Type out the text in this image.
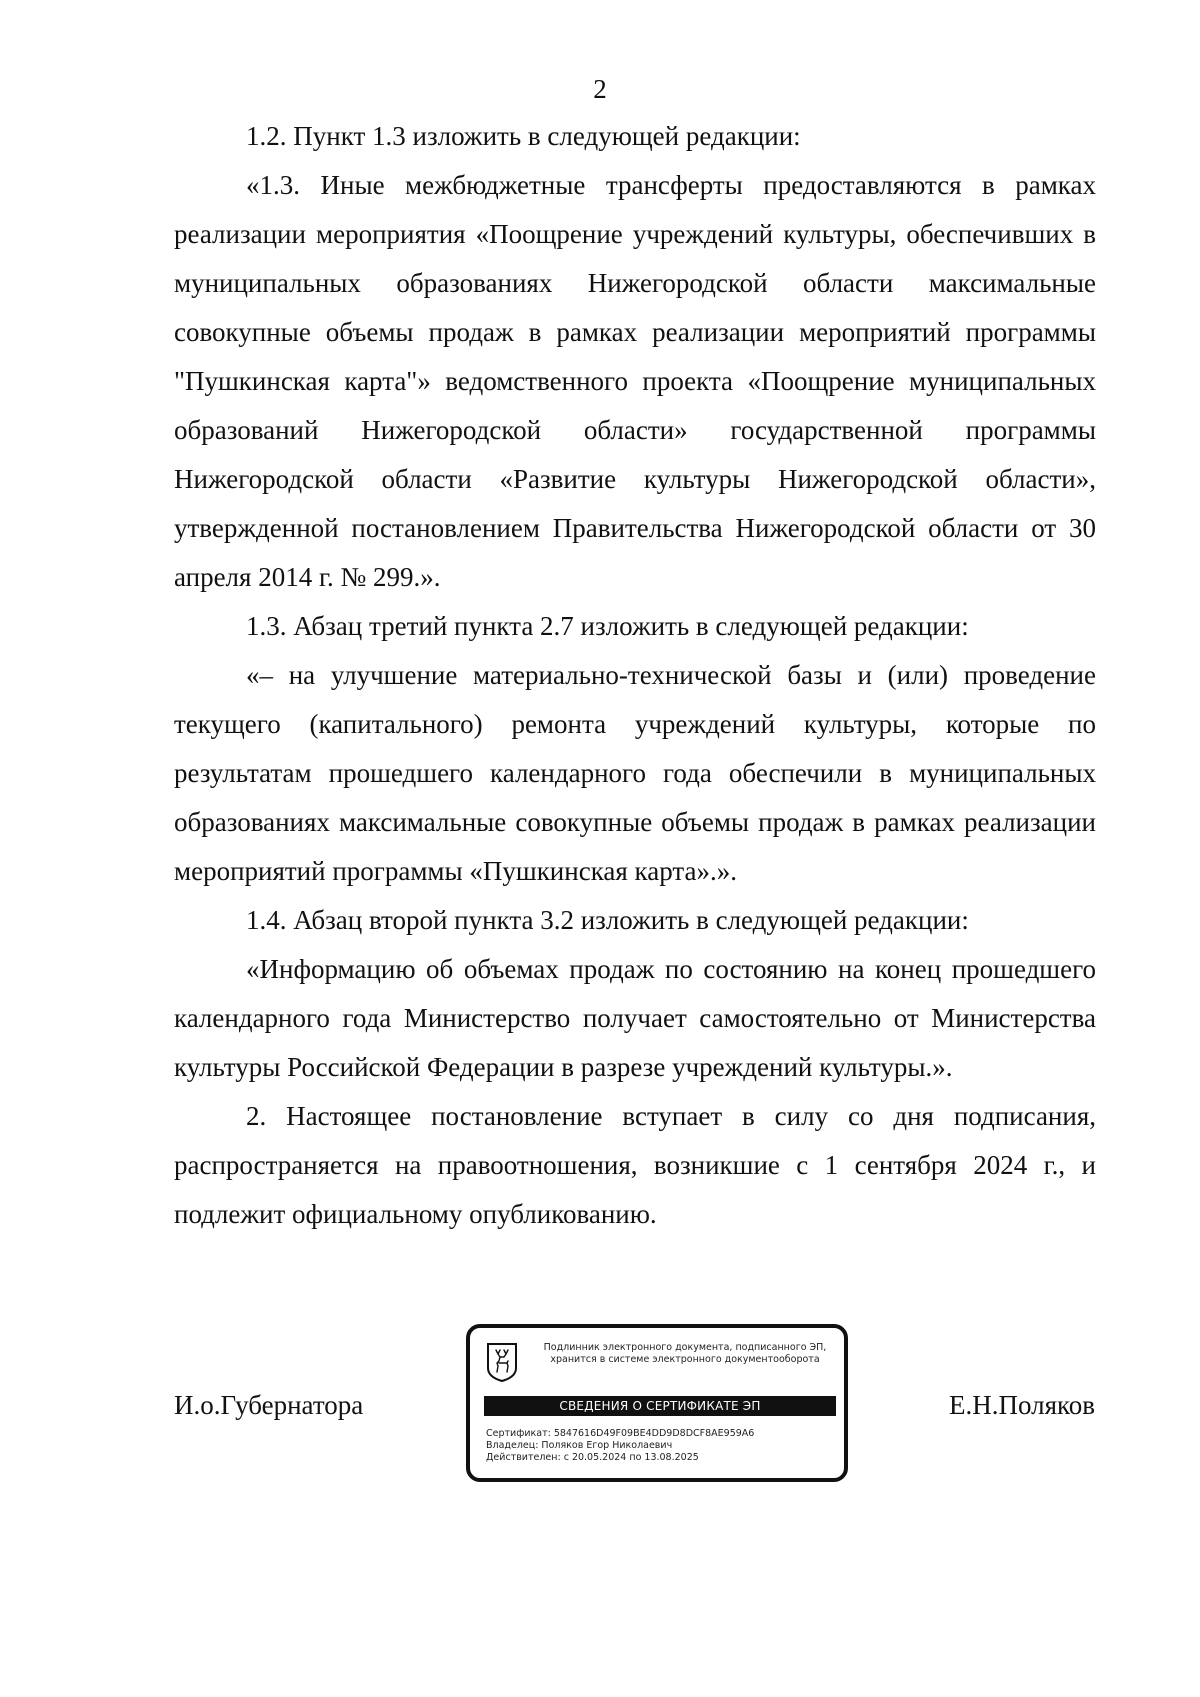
2

1.2. Пункт 1.3 изложить в следующей редакции:

«1.3. Иные межбюджетные трансферты предоставляются в рамках реализации мероприятия «Поощрение учреждений культуры, обеспечивших в муниципальных образованиях Нижегородской области максимальные совокупные объемы продаж в рамках реализации мероприятий программы "Пушкинская карта"» ведомственного проекта «Поощрение муниципальных образований Нижегородской области» государственной программы Нижегородской области «Развитие культуры Нижегородской области», утвержденной постановлением Правительства Нижегородской области от 30 апреля 2014 г. № 299.».

1.3. Абзац третий пункта 2.7 изложить в следующей редакции:

«– на улучшение материально-технической базы и (или) проведение текущего (капитального) ремонта учреждений культуры, которые по результатам прошедшего календарного года обеспечили в муниципальных образованиях максимальные совокупные объемы продаж в рамках реализации мероприятий программы «Пушкинская карта».».

1.4. Абзац второй пункта 3.2 изложить в следующей редакции:

«Информацию об объемах продаж по состоянию на конец прошедшего календарного года Министерство получает самостоятельно от Министерства культуры Российской Федерации в разрезе учреждений культуры.».

2. Настоящее постановление вступает в силу со дня подписания, распространяется на правоотношения, возникшие с 1 сентября 2024 г., и подлежит официальному опубликованию.

И.о.Губернатора
Подлинник электронного документа, подписанного ЭП,
хранится в системе электронного документооборота
СВЕДЕНИЯ О СЕРТИФИКАТЕ ЭП
Сертификат: 5847616D49F09BE4DD9D8DCF8AE959A6
Владелец: Поляков Егор Николаевич
Действителен: с 20.05.2024 по 13.08.2025
Е.Н.Поляков
